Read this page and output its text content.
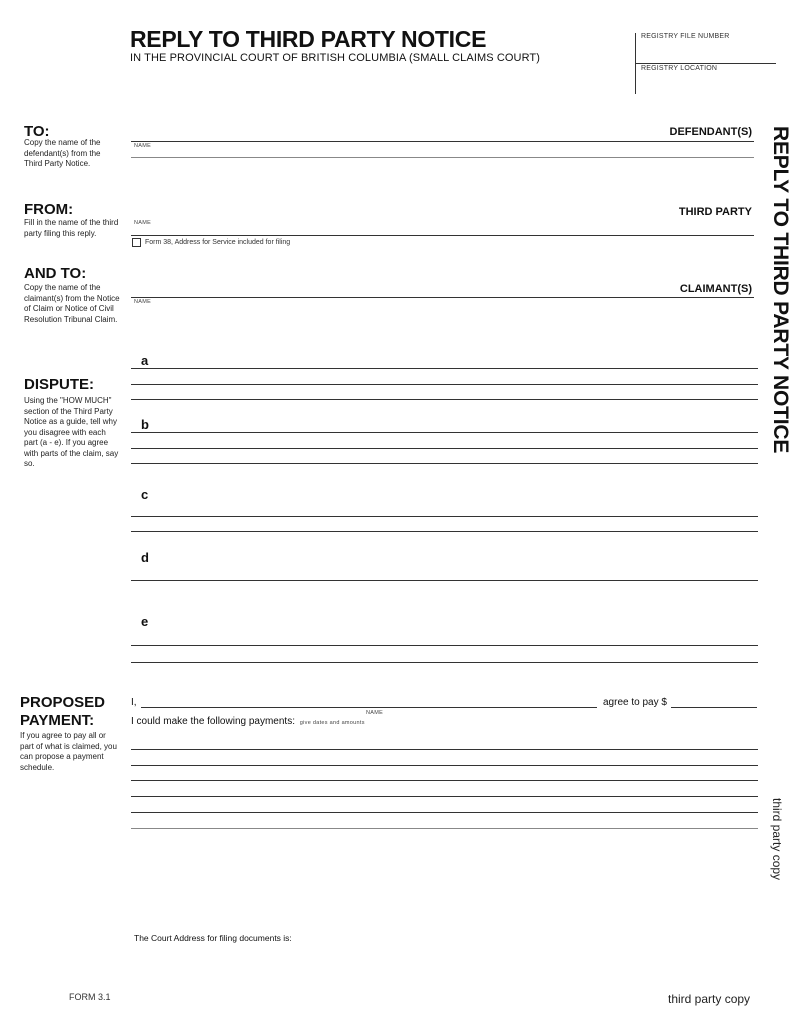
REPLY TO THIRD PARTY NOTICE
IN THE PROVINCIAL COURT OF BRITISH COLUMBIA (SMALL CLAIMS COURT)
REGISTRY FILE NUMBER
REGISTRY LOCATION
REPLY TO THIRD PARTY NOTICE
third party copy
TO:
Copy the name of the defendant(s) from the Third Party Notice.
DEFENDANT(S)
NAME
FROM:
Fill in the name of the third party filing this reply.
THIRD PARTY
NAME
Form 38, Address for Service included for filing
AND TO:
Copy the name of the claimant(s) from the Notice of Claim or Notice of Civil Resolution Tribunal Claim.
CLAIMANT(S)
NAME
DISPUTE:
Using the "HOW MUCH" section of the Third Party Notice as a guide, tell why you disagree with each part (a - e). If you agree with parts of the claim, say so.
a
b
c
d
e
PROPOSED
PAYMENT:
If you agree to pay all or part of what is claimed, you can propose a payment schedule.
I,
NAME
agree to pay $
I could make the following payments: give dates and amounts
The Court Address for filing documents is:
FORM 3.1	third party copy
